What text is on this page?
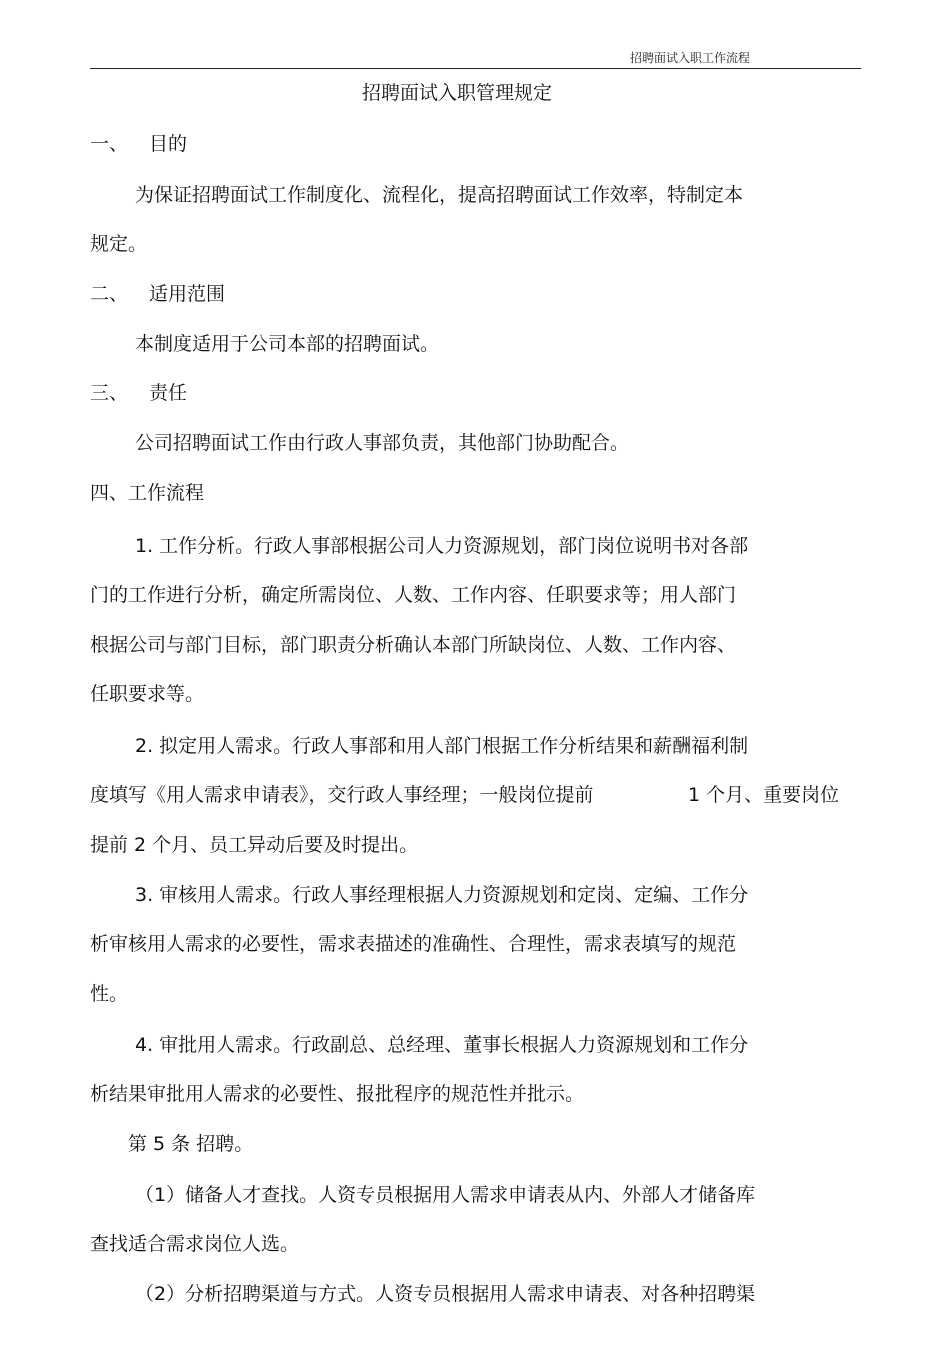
招聘面试入职工作流程
招聘面试入职管理规定
一、 目的
为保证招聘面试工作制度化、流程化，提高招聘面试工作效率，特制定本
规定。
二、 适用范围
本制度适用于公司本部的招聘面试。
三、 责任
公司招聘面试工作由行政人事部负责，其他部门协助配合。
四、工作流程
1. 工作分析。行政人事部根据公司人力资源规划，部门岗位说明书对各部
门的工作进行分析，确定所需岗位、人数、工作内容、任职要求等；用人部门
根据公司与部门目标，部门职责分析确认本部门所缺岗位、人数、工作内容、
任职要求等。
2. 拟定用人需求。行政人事部和用人部门根据工作分析结果和薪酬福利制
度填写《用人需求申请表》，交行政人事经理；一般岗位提前	1 个月、重要岗位
提前 2 个月、员工异动后要及时提出。
3. 审核用人需求。行政人事经理根据人力资源规划和定岗、定编、工作分
析审核用人需求的必要性，需求表描述的准确性、合理性，需求表填写的规范
性。
4. 审批用人需求。行政副总、总经理、董事长根据人力资源规划和工作分
析结果审批用人需求的必要性、报批程序的规范性并批示。
第 5 条 招聘。
（1）储备人才查找。人资专员根据用人需求申请表从内、外部人才储备库
查找适合需求岗位人选。
（2）分析招聘渠道与方式。人资专员根据用人需求申请表、对各种招聘渠
